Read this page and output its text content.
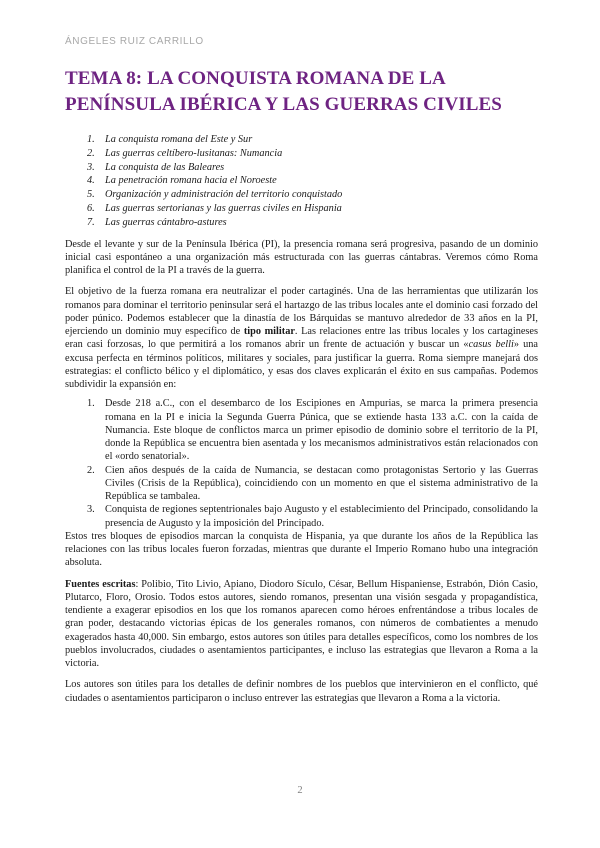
ÁNGELES RUIZ CARRILLO
TEMA 8: LA CONQUISTA ROMANA DE LA PENÍNSULA IBÉRICA Y LAS GUERRAS CIVILES
La conquista romana del Este y Sur
Las guerras celtíbero-lusitanas: Numancia
La conquista de las Baleares
La penetración romana hacia el Noroeste
Organización y administración del territorio conquistado
Las guerras sertorianas y las guerras civiles en Hispania
Las guerras cántabro-astures

Desde el levante y sur de la Península Ibérica (PI), la presencia romana será progresiva, pasando de un dominio inicial casi espontáneo a una organización más estructurada con las guerras cántabras. Veremos cómo Roma planifica el control de la PI a través de la guerra.

El objetivo de la fuerza romana era neutralizar el poder cartaginés. Una de las herramientas que utilizarán los romanos para dominar el territorio peninsular será el hartazgo de las tribus locales ante el dominio casi forzado del poder púnico. Podemos establecer que la dinastía de los Bárquidas se mantuvo alrededor de 33 años en la PI, ejerciendo un dominio muy específico de tipo militar. Las relaciones entre las tribus locales y los cartagineses eran casi forzosas, lo que permitirá a los romanos abrir un frente de actuación y buscar un «casus belli» una excusa perfecta en términos políticos, militares y sociales, para justificar la guerra. Roma siempre manejará dos estrategias: el conflicto bélico y el diplomático, y esas dos claves explicarán el éxito en sus campañas. Podemos subdividir la expansión en:

Desde 218 a.C., con el desembarco de los Escipiones en Ampurias, se marca la primera presencia romana en la PI e inicia la Segunda Guerra Púnica, que se extiende hasta 133 a.C. con la caída de Numancia. Este bloque de conflictos marca un primer episodio de dominio sobre el territorio de la PI, donde la República se encuentra bien asentada y los mecanismos administrativos están relacionados con el «ordo senatorial».
Cien años después de la caída de Numancia, se destacan como protagonistas Sertorio y las Guerras Civiles (Crisis de la República), coincidiendo con un momento en que el sistema administrativo de la República se tambalea.
Conquista de regiones septentrionales bajo Augusto y el establecimiento del Principado, consolidando la presencia de Augusto y la imposición del Principado.

Estos tres bloques de episodios marcan la conquista de Hispania, ya que durante los años de la República las relaciones con las tribus locales fueron forzadas, mientras que durante el Imperio Romano hubo una integración absoluta.

Fuentes escritas: Polibio, Tito Livio, Apiano, Diodoro Sículo, César, Bellum Hispaniense, Estrabón, Dión Casio, Plutarco, Floro, Orosio. Todos estos autores, siendo romanos, presentan una visión sesgada y propagandística, tendiente a exagerar episodios en los que los romanos aparecen como héroes enfrentándose a tribus locales de gran poder, destacando victorias épicas de los generales romanos, con números de combatientes a menudo exagerados hasta 40,000. Sin embargo, estos autores son útiles para detalles específicos, como los nombres de los pueblos involucrados, ciudades o asentamientos participantes, e incluso las estrategias que llevaron a Roma a la victoria.

Los autores son útiles para los detalles de definir nombres de los pueblos que intervinieron en el conflicto, qué ciudades o asentamientos participaron o incluso entrever las estrategias que llevaron a Roma a la victoria.

2
